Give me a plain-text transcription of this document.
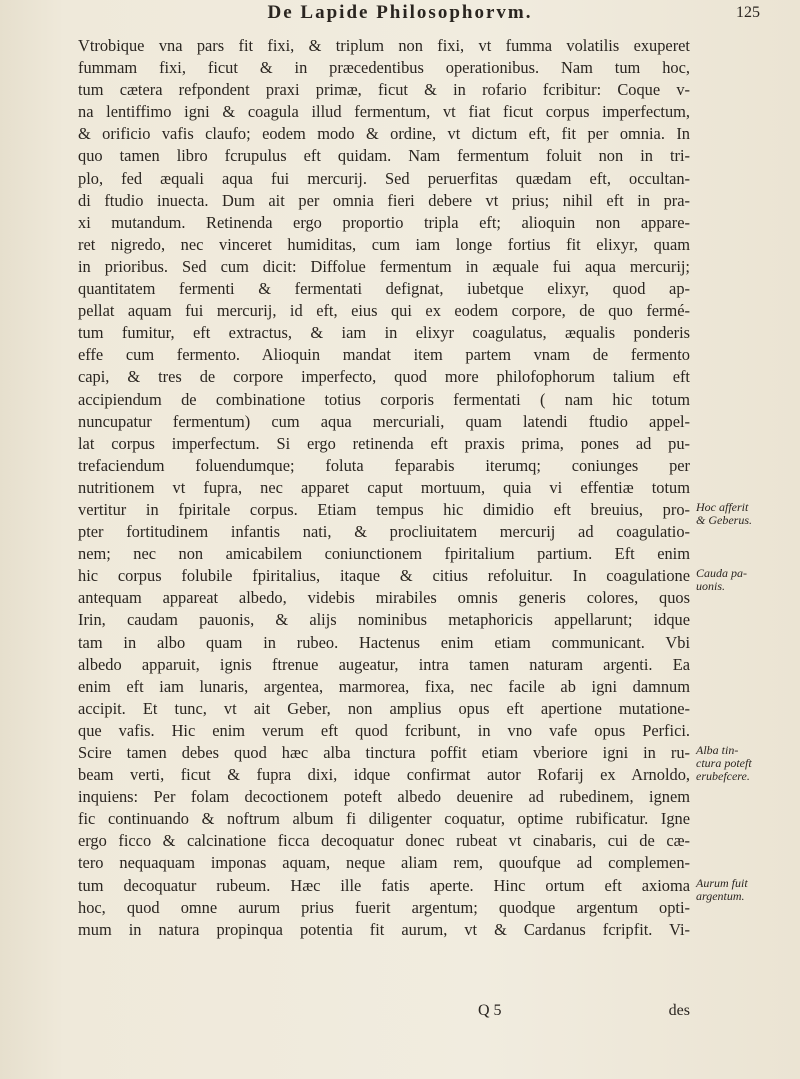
De Lapide Philosophorvm.	125
Vtrobique vna pars fit fixi, & triplum non fixi, vt fumma volatilis exuperet
fummam fixi, ficut & in præcedentibus operationibus. Nam tum hoc,
tum cætera refpondent praxi primæ, ficut & in rofario fcribitur: Coque v-
na lentiffimo igni & coagula illud fermentum, vt fiat ficut corpus imperfectum,
& orificio vafis claufo; eodem modo & ordine, vt dictum eft, fit per omnia. In
quo tamen libro fcrupulus eft quidam. Nam fermentum foluit non in tri-
plo, fed æquali aqua fui mercurij. Sed peruerfitas quædam eft, occultan-
di ftudio inuecta. Dum ait per omnia fieri debere vt prius; nihil eft in pra-
xi mutandum. Retinenda ergo proportio tripla eft; alioquin non appare-
ret nigredo, nec vinceret humiditas, cum iam longe fortius fit elixyr, quam
in prioribus. Sed cum dicit: Diffolue fermentum in æquale fui aqua mercurij;
quantitatem fermenti & fermentati defignat, iubetque elixyr, quod ap-
pellat aquam fui mercurij, id eft, eius qui ex eodem corpore, de quo fermé-
tum fumitur, eft extractus, & iam in elixyr coagulatus, æqualis ponderis
effe cum fermento. Alioquin mandat item partem vnam de fermento
capi, & tres de corpore imperfecto, quod more philofophorum talium eft
accipiendum de combinatione totius corporis fermentati ( nam hic totum
nuncupatur fermentum) cum aqua mercuriali, quam latendi ftudio appel-
lat corpus imperfectum. Si ergo retinenda eft praxis prima, pones ad pu-
trefaciendum foluendumque; foluta feparabis iterumq; coniunges per
nutritionem vt fupra, nec apparet caput mortuum, quia vi effentiæ totum
vertitur in fpiritale corpus. Etiam tempus hic dimidio eft breuius, pro-
pter fortitudinem infantis nati, & procliuitatem mercurij ad coagulatio-
nem; nec non amicabilem coniunctionem fpiritalium partium. Eft enim
hic corpus folubile fpiritalius, itaque & citius refoluitur. In coagulatione
antequam appareat albedo, videbis mirabiles omnis generis colores, quos
Irin, caudam pauonis, & alijs nominibus metaphoricis appellarunt; idque
tam in albo quam in rubeo. Hactenus enim etiam communicant. Vbi
albedo apparuit, ignis ftrenue augeatur, intra tamen naturam argenti. Ea
enim eft iam lunaris, argentea, marmorea, fixa, nec facile ab igni damnum
accipit. Et tunc, vt ait Geber, non amplius opus eft apertione mutatione-
que vafis. Hic enim verum eft quod fcribunt, in vno vafe opus Perfici.
Scire tamen debes quod hæc alba tinctura poffit etiam vberiore igni in ru-
beam verti, ficut & fupra dixi, idque confirmat autor Rofarij ex Arnoldo,
inquiens: Per folam decoctionem poteft albedo deuenire ad rubedinem, ignem
fic continuando & noftrum album fi diligenter coquatur, optime rubificatur. Igne
ergo ficco & calcinatione ficca decoquatur donec rubeat vt cinabaris, cui de cæ-
tero nequaquam imponas aquam, neque aliam rem, quoufque ad complemen-
tum decoquatur rubeum. Hæc ille fatis aperte. Hinc ortum eft axioma
hoc, quod omne aurum prius fuerit argentum; quodque argentum opti-
mum in natura propinqua potentia fit aurum, vt & Cardanus fcripfit. Vi-
Hoc afferit
& Geberus.
Cauda pa-
uonis.
Alba tin-
ctura poteft
erubefcere.
Aurum fuit
argentum.
Q 5	des
